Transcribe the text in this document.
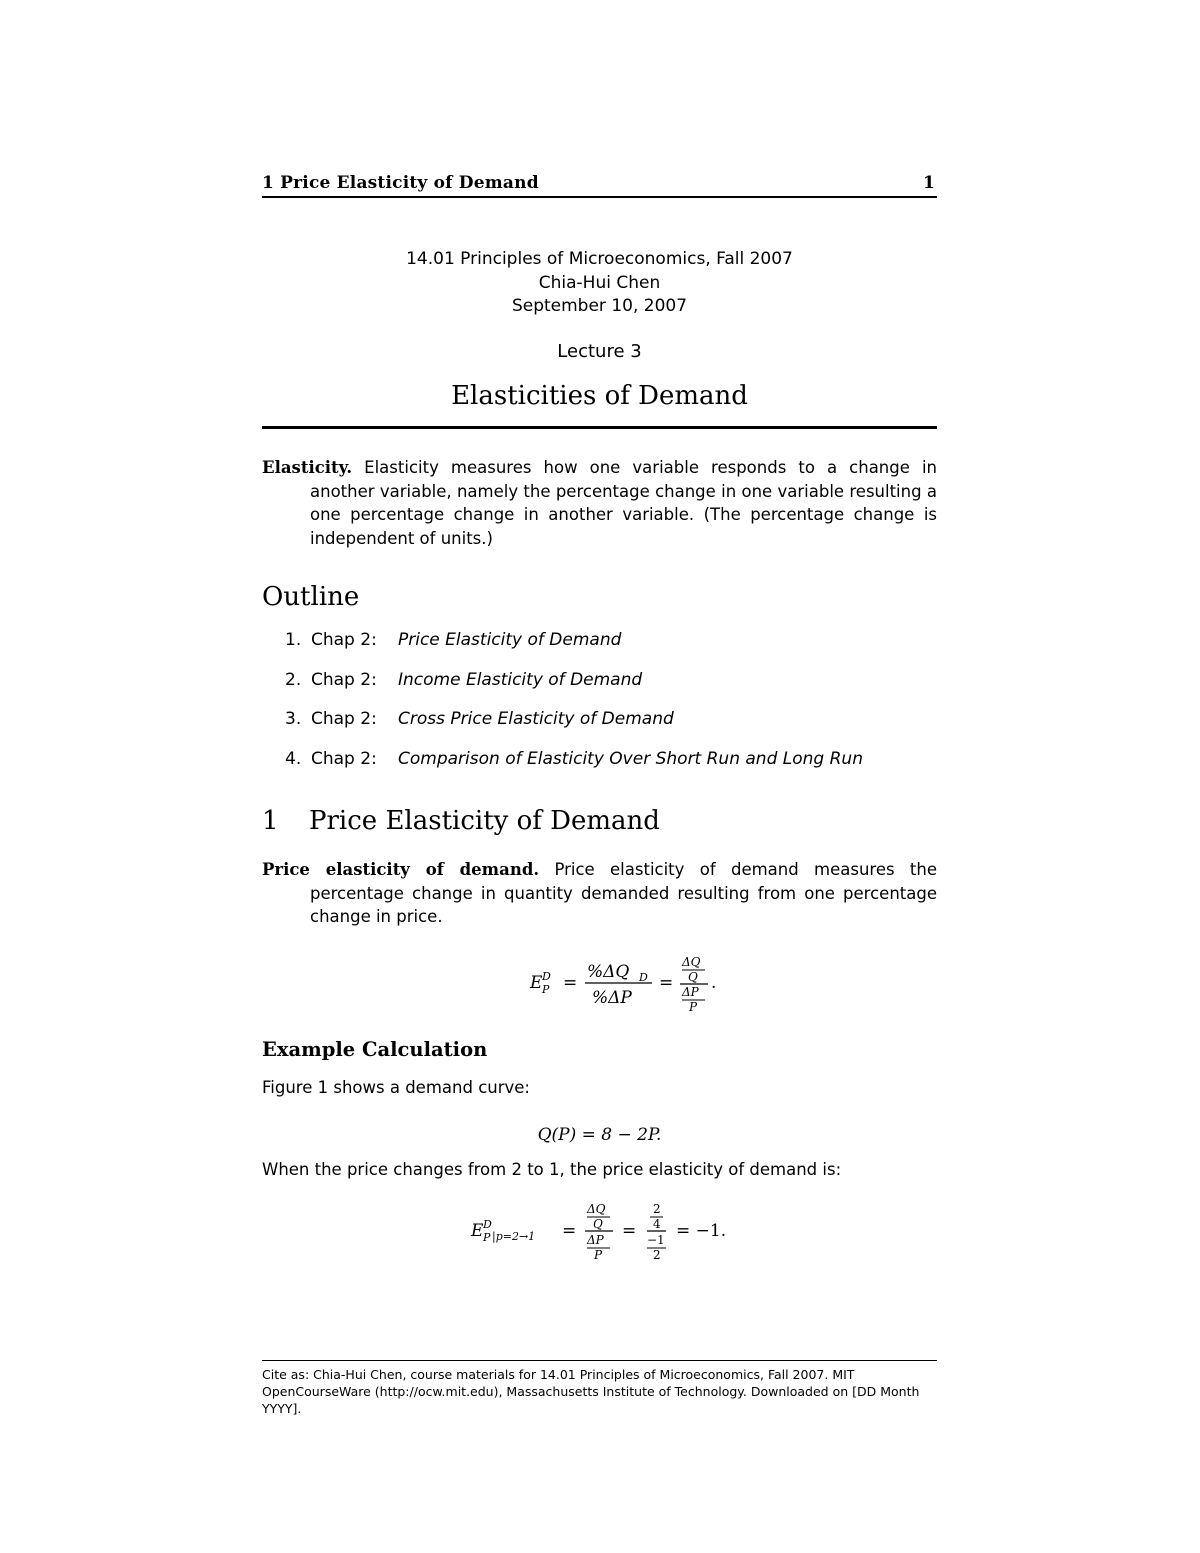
1 Price Elasticity of Demand	1
14.01 Principles of Microeconomics, Fall 2007
Chia-Hui Chen
September 10, 2007
Lecture 3
Elasticities of Demand
Elasticity. Elasticity measures how one variable responds to a change in another variable, namely the percentage change in one variable resulting a one percentage change in another variable. (The percentage change is independent of units.)
Outline
1. Chap 2: Price Elasticity of Demand
2. Chap 2: Income Elasticity of Demand
3. Chap 2: Cross Price Elasticity of Demand
4. Chap 2: Comparison of Elasticity Over Short Run and Long Run
1 Price Elasticity of Demand
Price elasticity of demand. Price elasticity of demand measures the percentage change in quantity demanded resulting from one percentage change in price.
E D
P =
%ΔQ D
%ΔP
=
ΔQ
Q
ΔP
P
.
Example Calculation
Figure 1 shows a demand curve:
Q(P) = 8 − 2P.
When the price changes from 2 to 1, the price elasticity of demand is:
E D
P |p=2→1 =
ΔQ
Q
ΔP
P
=
2
4
−1
2
= −1.
Cite as: Chia-Hui Chen, course materials for 14.01 Principles of Microeconomics, Fall 2007. MIT OpenCourseWare (http://ocw.mit.edu), Massachusetts Institute of Technology. Downloaded on [DD Month YYYY].
